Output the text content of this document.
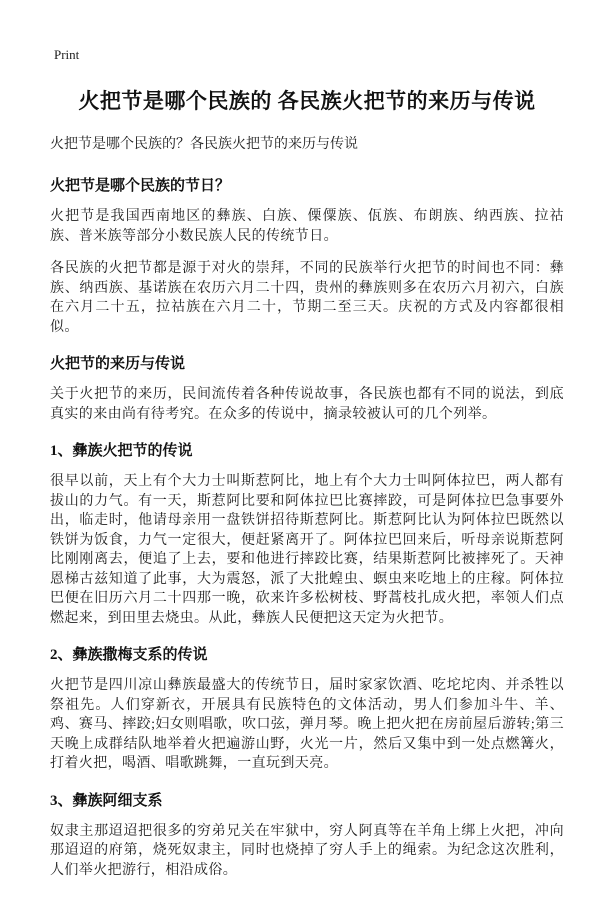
Print
火把节是哪个民族的 各民族火把节的来历与传说
火把节是哪个民族的？各民族火把节的来历与传说
火把节是哪个民族的节日？

火把节是我国西南地区的彝族、白族、傈僳族、佤族、布朗族、纳西族、拉祜族、普米族等部分小数民族人民的传统节日。

各民族的火把节都是源于对火的崇拜，不同的民族举行火把节的时间也不同：彝族、纳西族、基诺族在农历六月二十四，贵州的彝族则多在农历六月初六，白族在六月二十五，拉祜族在六月二十，节期二至三天。庆祝的方式及内容都很相似。

火把节的来历与传说

关于火把节的来历，民间流传着各种传说故事，各民族也都有不同的说法，到底真实的来由尚有待考究。在众多的传说中，摘录较被认可的几个列举。

1、彝族火把节的传说

很早以前，天上有个大力士叫斯惹阿比，地上有个大力士叫阿体拉巴，两人都有拔山的力气。有一天，斯惹阿比要和阿体拉巴比赛摔跤，可是阿体拉巴急事要外出，临走时，他请母亲用一盘铁饼招待斯惹阿比。斯惹阿比认为阿体拉巴既然以铁饼为饭食，力气一定很大，便赶紧离开了。阿体拉巴回来后，听母亲说斯惹阿比刚刚离去，便追了上去，要和他进行摔跤比赛，结果斯惹阿比被摔死了。天神恩梯古兹知道了此事，大为震怒，派了大批蝗虫、螟虫来吃地上的庄稼。阿体拉巴便在旧历六月二十四那一晚，砍来许多松树枝、野蒿枝扎成火把，率领人们点燃起来，到田里去烧虫。从此，彝族人民便把这天定为火把节。

2、彝族撒梅支系的传说

火把节是四川凉山彝族最盛大的传统节日，届时家家饮酒、吃坨坨肉、并杀牲以祭祖先。人们穿新衣，开展具有民族特色的文体活动，男人们参加斗牛、羊、鸡、赛马、摔跤;妇女则唱歌，吹口弦，弹月琴。晚上把火把在房前屋后游转;第三天晚上成群结队地举着火把遍游山野，火光一片，然后又集中到一处点燃篝火，打着火把，喝酒、唱歌跳舞，一直玩到天亮。

3、彝族阿细支系

奴隶主那迢迢把很多的穷弟兄关在牢狱中，穷人阿真等在羊角上绑上火把，冲向那迢迢的府第，烧死奴隶主，同时也烧掉了穷人手上的绳索。为纪念这次胜利，人们举火把游行，相沿成俗。
